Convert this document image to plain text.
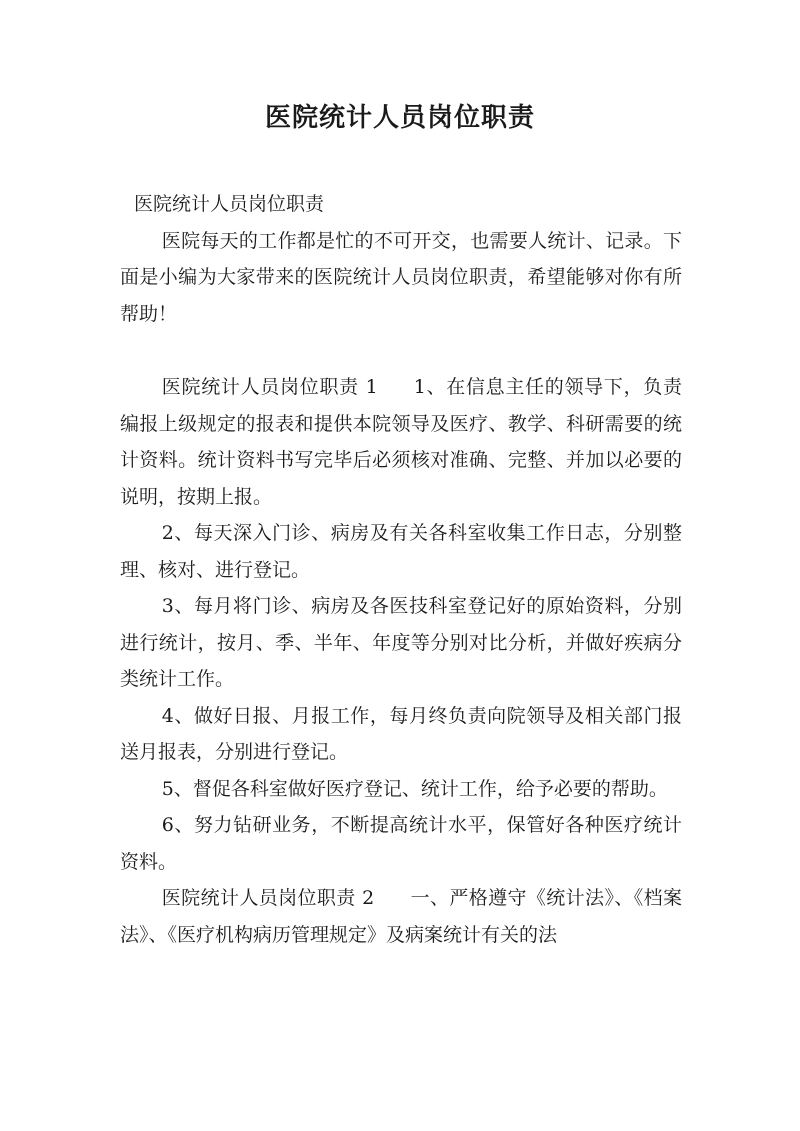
医院统计人员岗位职责

医院统计人员岗位职责

医院每天的工作都是忙的不可开交，也需要人统计、记录。下面是小编为大家带来的医院统计人员岗位职责，希望能够对你有所帮助！

医院统计人员岗位职责 1 1、在信息主任的领导下，负责编报上级规定的报表和提供本院领导及医疗、教学、科研需要的统计资料。统计资料书写完毕后必须核对准确、完整、并加以必要的说明，按期上报。

2、每天深入门诊、病房及有关各科室收集工作日志，分别整理、核对、进行登记。

3、每月将门诊、病房及各医技科室登记好的原始资料，分别进行统计，按月、季、半年、年度等分别对比分析，并做好疾病分类统计工作。

4、做好日报、月报工作，每月终负责向院领导及相关部门报送月报表，分别进行登记。

5、督促各科室做好医疗登记、统计工作，给予必要的帮助。

6、努力钻研业务，不断提高统计水平，保管好各种医疗统计资料。

医院统计人员岗位职责 2 一、严格遵守《统计法》、《档案法》、《医疗机构病历管理规定》及病案统计有关的法
